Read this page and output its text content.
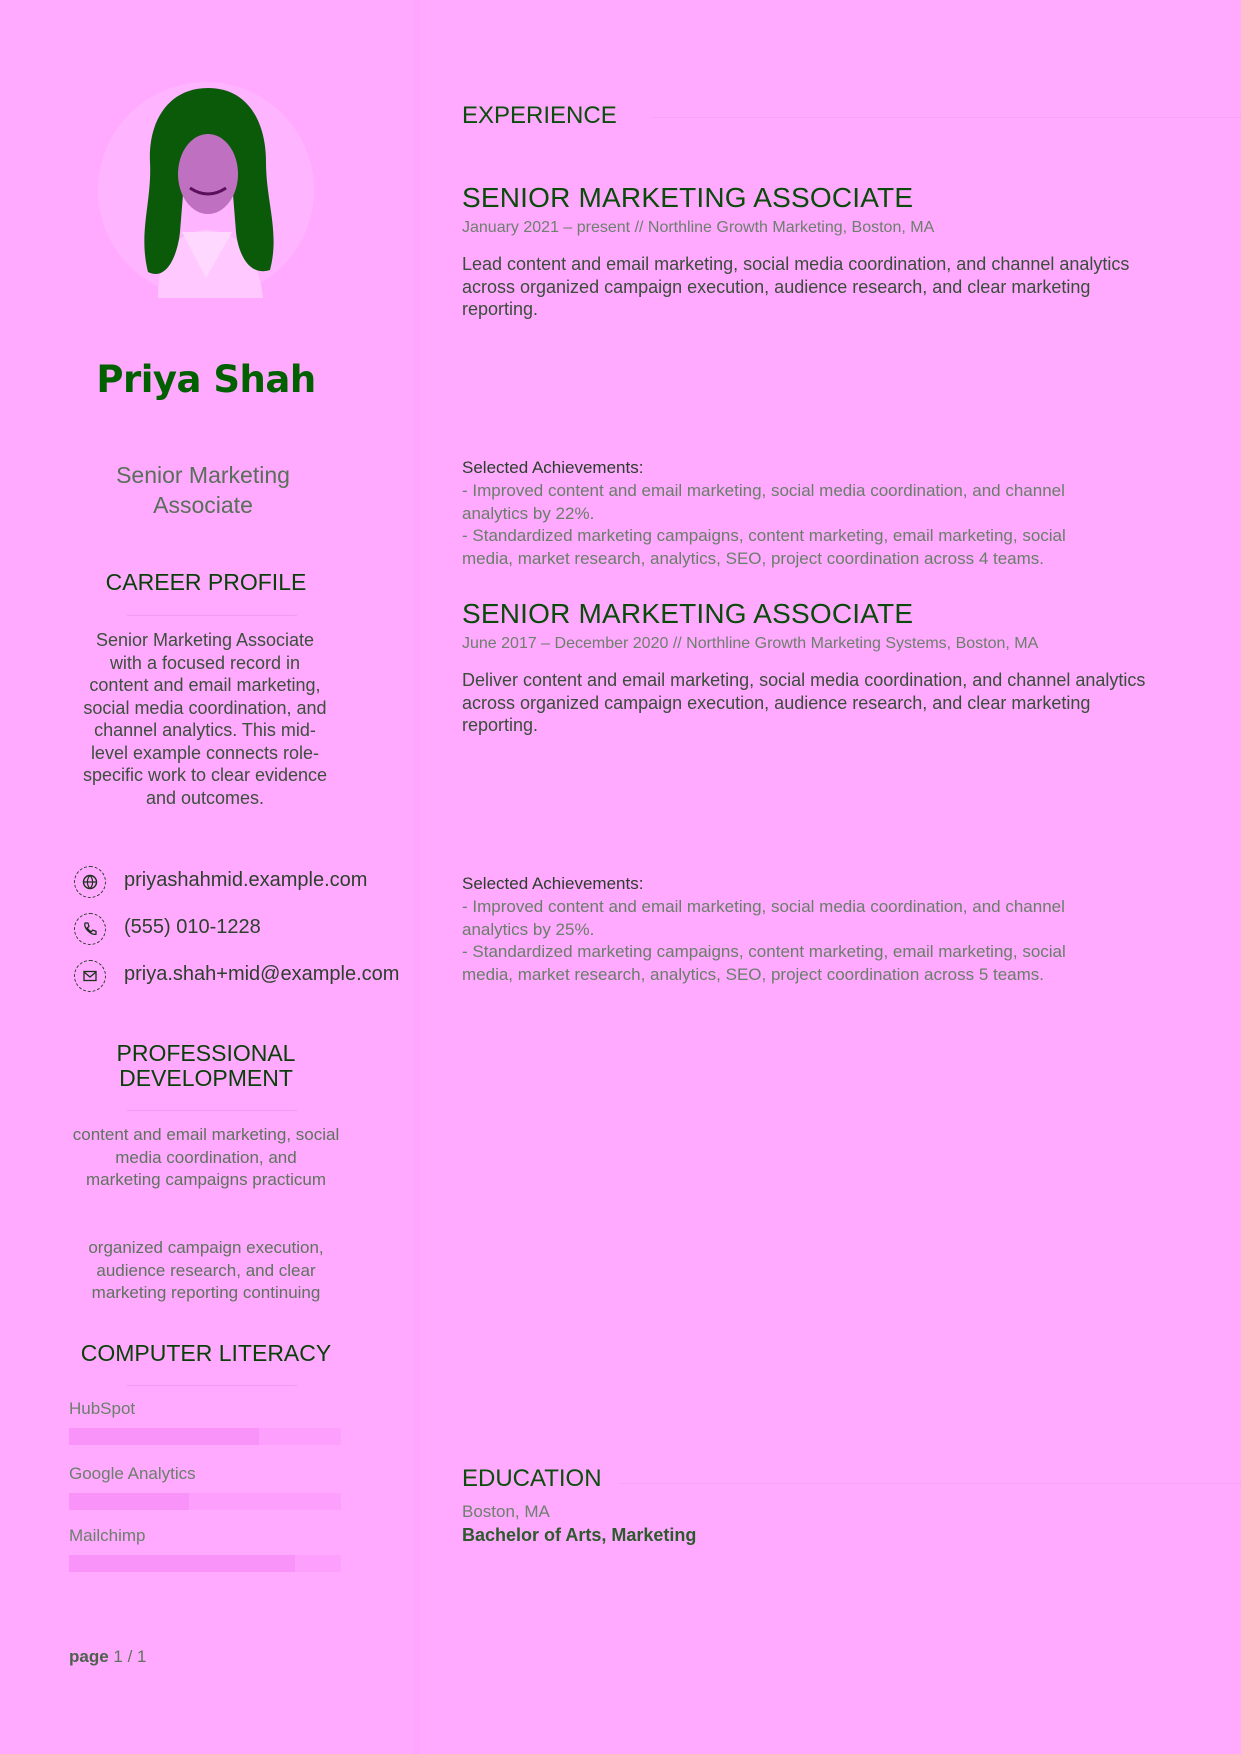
Priya Shah
Senior Marketing Associate
CAREER PROFILE
Senior Marketing Associate with a focused record in content and email marketing, social media coordination, and channel analytics. This mid-level example connects role-specific work to clear evidence and outcomes.
priyashahmid.example.com
(555) 010-1228
priya.shah+mid@example.com
PROFESSIONAL DEVELOPMENT
content and email marketing, social media coordination, and
marketing campaigns practicum
organized campaign execution, audience research, and clear marketing reporting continuing
COMPUTER LITERACY
HubSpot
Google Analytics
Mailchimp
page 1 / 1
EXPERIENCE
SENIOR MARKETING ASSOCIATE
January 2021 – present // Northline Growth Marketing, Boston, MA
Lead content and email marketing, social media coordination, and channel analytics across organized campaign execution, audience research, and clear marketing reporting.
Selected Achievements:
- Improved content and email marketing, social media coordination, and channel analytics by 22%.
- Standardized marketing campaigns, content marketing, email marketing, social media, market research, analytics, SEO, project coordination across 4 teams.
SENIOR MARKETING ASSOCIATE
June 2017 – December 2020 // Northline Growth Marketing Systems, Boston, MA
Deliver content and email marketing, social media coordination, and channel analytics across organized campaign execution, audience research, and clear marketing reporting.
Selected Achievements:
- Improved content and email marketing, social media coordination, and channel analytics by 25%.
- Standardized marketing campaigns, content marketing, email marketing, social media, market research, analytics, SEO, project coordination across 5 teams.
EDUCATION
Boston, MA
Bachelor of Arts, Marketing
